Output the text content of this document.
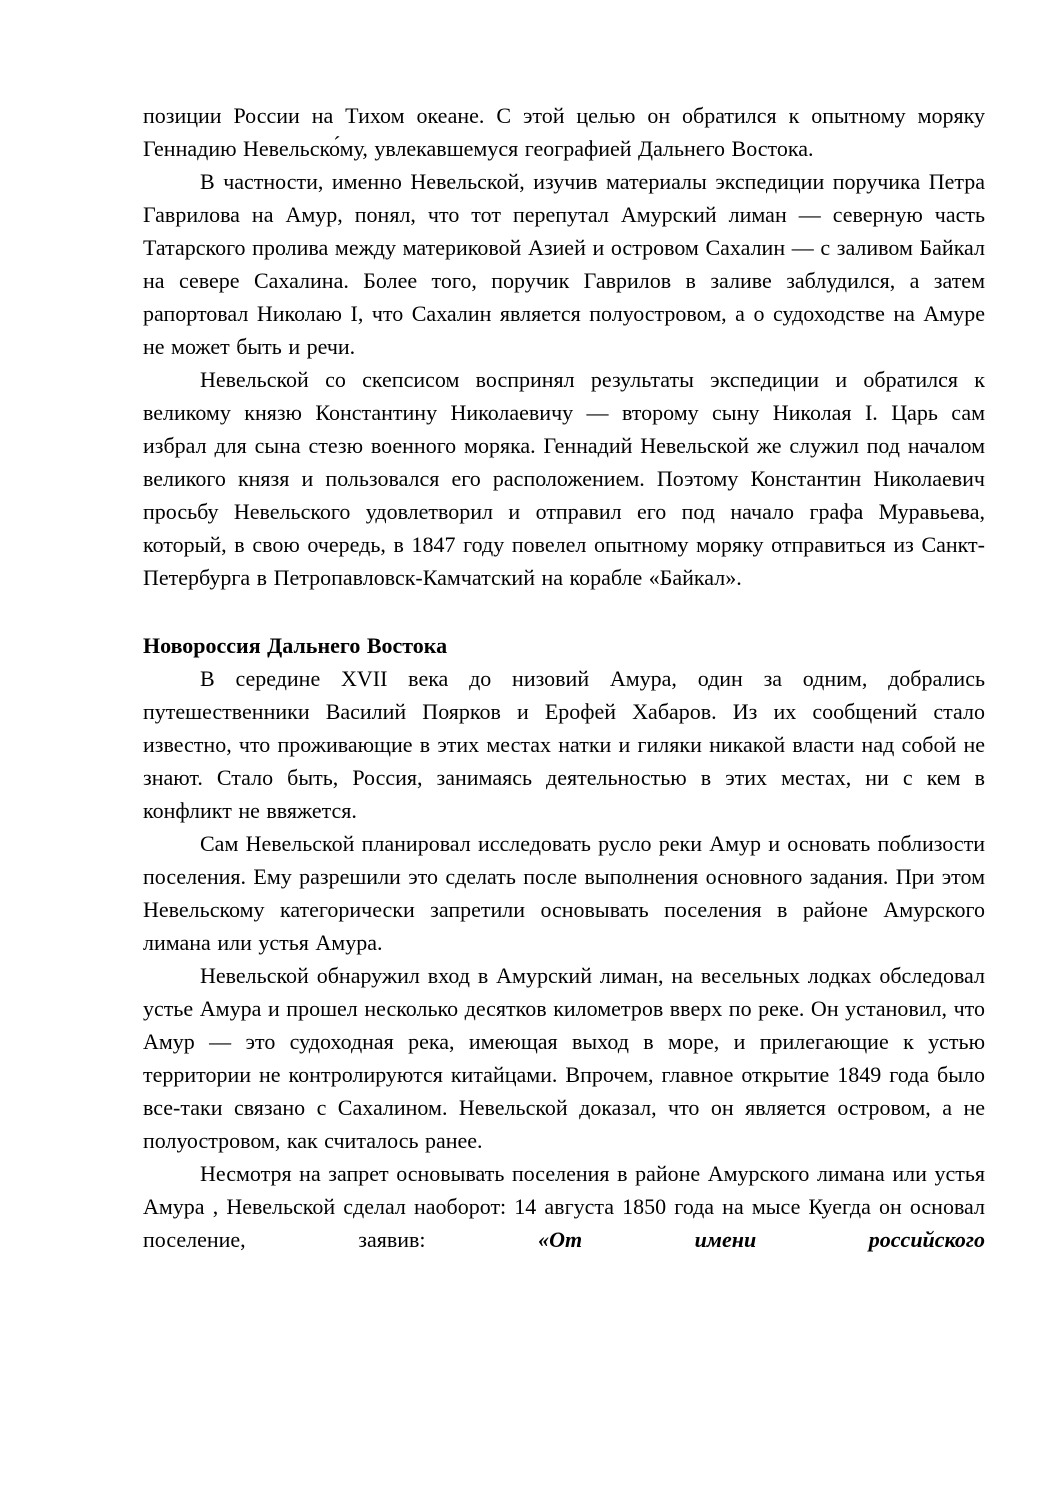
позиции России на Тихом океане. С этой целью он обратился к опытному моряку Геннадию Невельско́му, увлекавшемуся географией Дальнего Востока.

В частности, именно Невельской, изучив материалы экспедиции поручика Петра Гаврилова на Амур, понял, что тот перепутал Амурский лиман — северную часть Татарского пролива между материковой Азией и островом Сахалин — с заливом Байкал на севере Сахалина. Более того, поручик Гаврилов в заливе заблудился, а затем рапортовал Николаю I, что Сахалин является полуостровом, а о судоходстве на Амуре не может быть и речи.

Невельской со скепсисом воспринял результаты экспедиции и обратился к великому князю Константину Николаевичу — второму сыну Николая I. Царь сам избрал для сына стезю военного моряка. Геннадий Невельской же служил под началом великого князя и пользовался его расположением. Поэтому Константин Николаевич просьбу Невельского удовлетворил и отправил его под начало графа Муравьева, который, в свою очередь, в 1847 году повелел опытному моряку отправиться из Санкт-Петербурга в Петропавловск-Камчатский на корабле «Байкал».

Новороссия Дальнего Востока

В середине XVII века до низовий Амура, один за одним, добрались путешественники Василий Поярков и Ерофей Хабаров. Из их сообщений стало известно, что проживающие в этих местах натки и гиляки никакой власти над собой не знают. Стало быть, Россия, занимаясь деятельностью в этих местах, ни с кем в конфликт не ввяжется.

Сам Невельской планировал исследовать русло реки Амур и основать поблизости поселения. Ему разрешили это сделать после выполнения основного задания. При этом Невельскому категорически запретили основывать поселения в районе Амурского лимана или устья Амура.

Невельской обнаружил вход в Амурский лиман, на весельных лодках обследовал устье Амура и прошел несколько десятков километров вверх по реке. Он установил, что Амур — это судоходная река, имеющая выход в море, и прилегающие к устью территории не контролируются китайцами. Впрочем, главное открытие 1849 года было все-таки связано с Сахалином. Невельской доказал, что он является островом, а не полуостровом, как считалось ранее.

Несмотря на запрет основывать поселения в районе Амурского лимана или устья Амура , Невельской сделал наоборот: 14 августа 1850 года на мысе Куегда он основал поселение, заявив: «От имени российского
